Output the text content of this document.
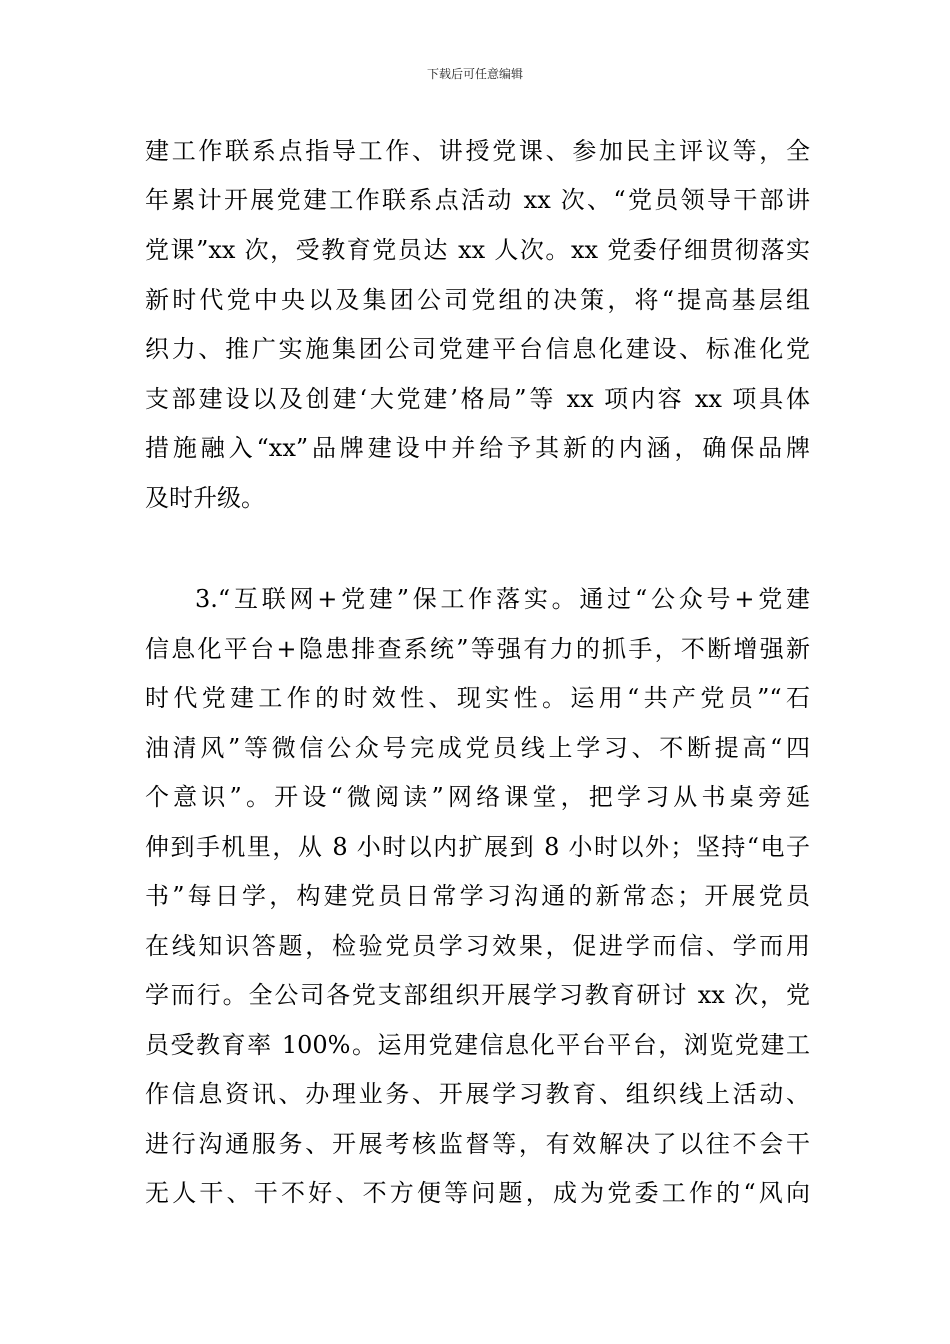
下载后可任意编辑
建工作联系点指导工作、讲授党课、参加民主评议等，全
年累计开展党建工作联系点活动 xx 次、“党员领导干部讲
党课”xx 次，受教育党员达 xx 人次。xx 党委仔细贯彻落实
新时代党中央以及集团公司党组的决策，将“提高基层组
织力、推广实施集团公司党建平台信息化建设、标准化党
支部建设以及创建‘大党建’格局”等 xx 项内容 xx 项具体
措施融入“xx”品牌建设中并给予其新的内涵，确保品牌
及时升级。
3.“互联网+党建”保工作落实。通过“公众号+党建
信息化平台+隐患排查系统”等强有力的抓手，不断增强新
时代党建工作的时效性、现实性。运用“共产党员”“石
油清风”等微信公众号完成党员线上学习、不断提高“四
个意识”。开设“微阅读”网络课堂，把学习从书桌旁延
伸到手机里，从 8 小时以内扩展到 8 小时以外；坚持“电子
书”每日学，构建党员日常学习沟通的新常态；开展党员
在线知识答题，检验党员学习效果，促进学而信、学而用
学而行。全公司各党支部组织开展学习教育研讨 xx 次，党
员受教育率 100%。运用党建信息化平台平台，浏览党建工
作信息资讯、办理业务、开展学习教育、组织线上活动、
进行沟通服务、开展考核监督等，有效解决了以往不会干
无人干、干不好、不方便等问题，成为党委工作的“风向
